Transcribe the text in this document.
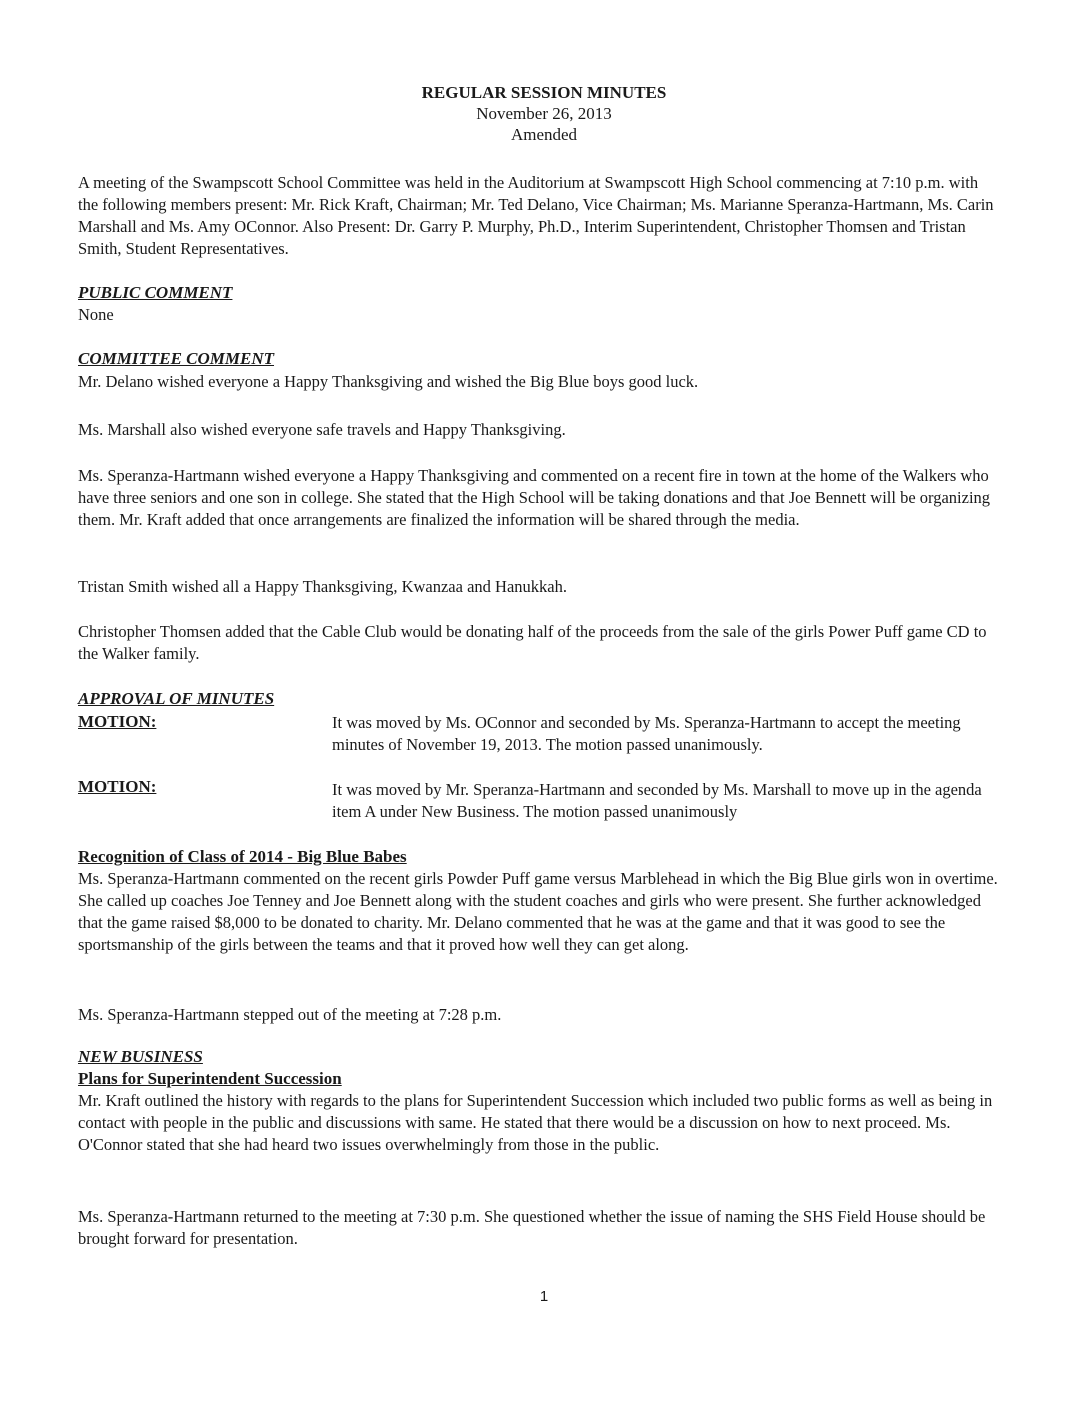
REGULAR SESSION MINUTES
November 26, 2013
Amended

A meeting of the Swampscott School Committee was held in the Auditorium at Swampscott High School commencing at 7:10 p.m. with the following members present: Mr. Rick Kraft, Chairman; Mr. Ted Delano, Vice Chairman; Ms. Marianne Speranza-Hartmann, Ms. Carin Marshall and Ms. Amy OConnor. Also Present: Dr. Garry P. Murphy, Ph.D., Interim Superintendent, Christopher Thomsen and Tristan Smith, Student Representatives.

PUBLIC COMMENT

None

COMMITTEE COMMENT

Mr. Delano wished everyone a Happy Thanksgiving and wished the Big Blue boys good luck.

Ms. Marshall also wished everyone safe travels and Happy Thanksgiving.

Ms. Speranza-Hartmann wished everyone a Happy Thanksgiving and commented on a recent fire in town at the home of the Walkers who have three seniors and one son in college. She stated that the High School will be taking donations and that Joe Bennett will be organizing them. Mr. Kraft added that once arrangements are finalized the information will be shared through the media.

Tristan Smith wished all a Happy Thanksgiving, Kwanzaa and Hanukkah.

Christopher Thomsen added that the Cable Club would be donating half of the proceeds from the sale of the girls Power Puff game CD to the Walker family.

APPROVAL OF MINUTES
MOTION:	It was moved by Ms. OConnor and seconded by Ms. Speranza-Hartmann to accept the meeting minutes of November 19, 2013. The motion passed unanimously.
MOTION:	It was moved by Mr. Speranza-Hartmann and seconded by Ms. Marshall to move up in the agenda item A under New Business. The motion passed unanimously
Recognition of Class of 2014 - Big Blue Babes

Ms. Speranza-Hartmann commented on the recent girls Powder Puff game versus Marblehead in which the Big Blue girls won in overtime. She called up coaches Joe Tenney and Joe Bennett along with the student coaches and girls who were present. She further acknowledged that the game raised $8,000 to be donated to charity. Mr. Delano commented that he was at the game and that it was good to see the sportsmanship of the girls between the teams and that it proved how well they can get along.

Ms. Speranza-Hartmann stepped out of the meeting at 7:28 p.m.

NEW BUSINESS
Plans for Superintendent Succession

Mr. Kraft outlined the history with regards to the plans for Superintendent Succession which included two public forms as well as being in contact with people in the public and discussions with same. He stated that there would be a discussion on how to next proceed. Ms. O'Connor stated that she had heard two issues overwhelmingly from those in the public.

Ms. Speranza-Hartmann returned to the meeting at 7:30 p.m. She questioned whether the issue of naming the SHS Field House should be brought forward for presentation.

1
